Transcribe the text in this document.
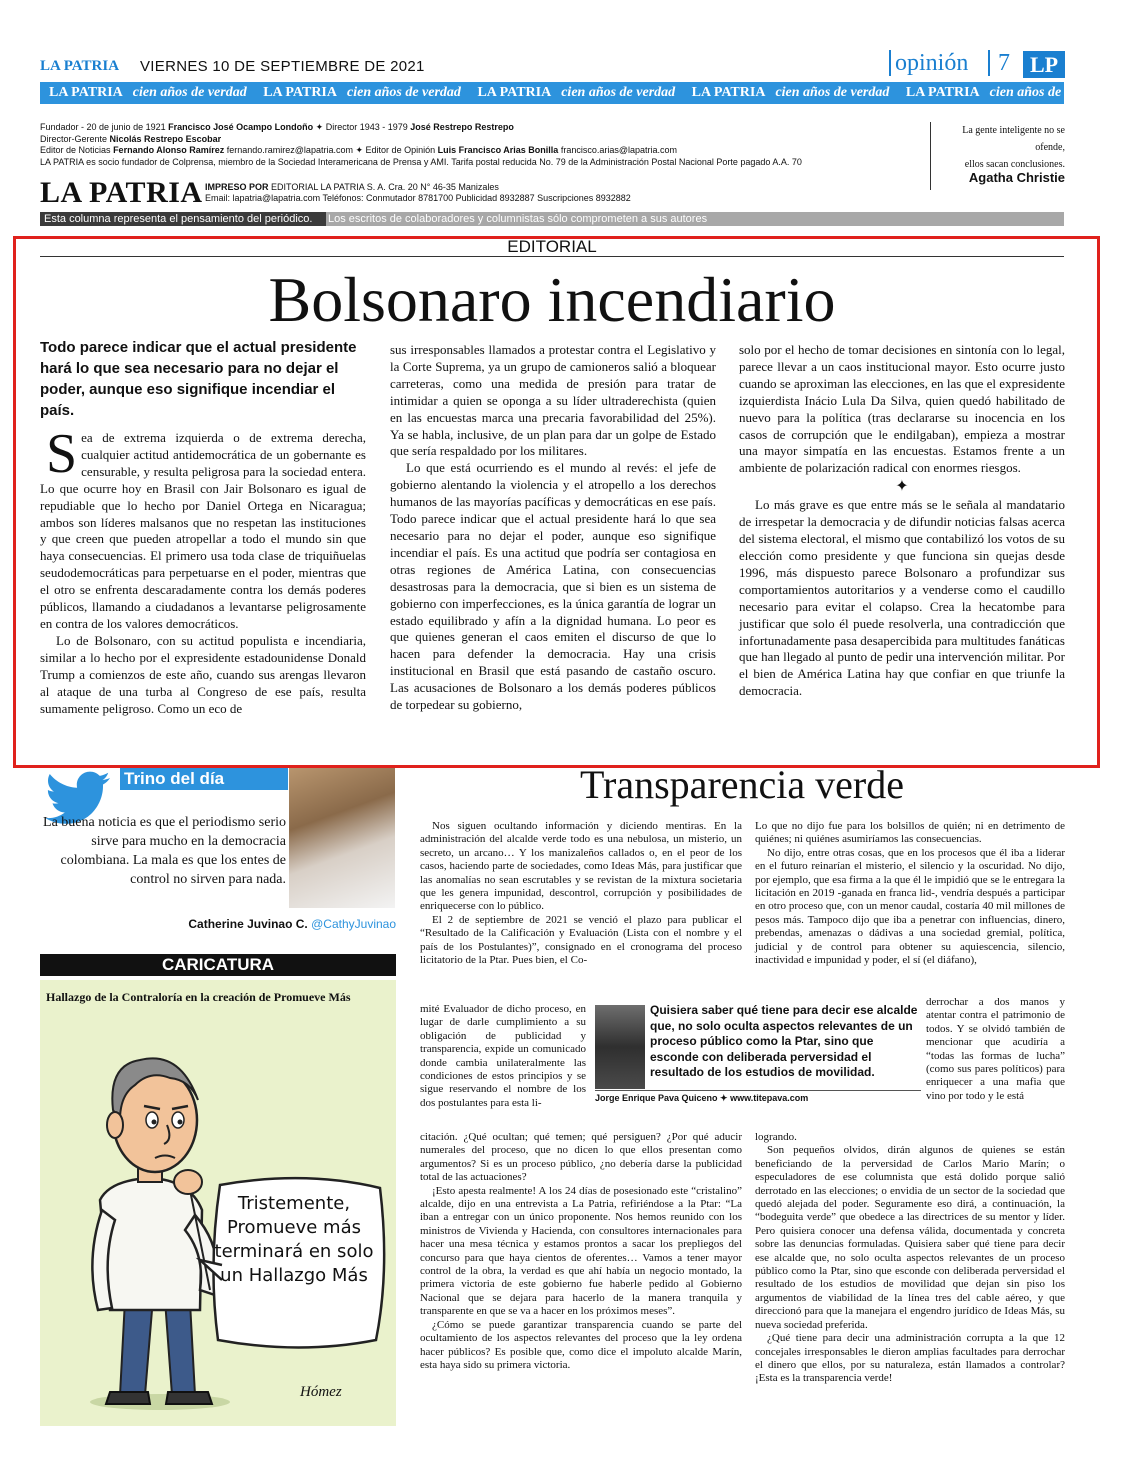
LA PATRIA VIERNES 10 DE SEPTIEMBRE DE 2021	opinión	7 LP
LA PATRIA cien años de verdad LA PATRIA cien años de verdad LA PATRIA cien años de verdad LA PATRIA cien años de verdad LA PATRIA cien años de verdad
Fundador - 20 de junio de 1921 Francisco José Ocampo Londoño ✦ Director 1943 - 1979 José Restrepo Restrepo
Director-Gerente Nicolás Restrepo Escobar
Editor de Noticias Fernando Alonso Ramírez fernando.ramirez@lapatria.com ✦ Editor de Opinión Luis Francisco Arias Bonilla francisco.arias@lapatria.com
LA PATRIA es socio fundador de Colprensa, miembro de la Sociedad Interamericana de Prensa y AMI. Tarifa postal reducida No. 79 de la Administración Postal Nacional Porte pagado A.A. 70
LA PATRIA IMPRESO POR EDITORIAL LA PATRIA S. A. Cra. 20 N° 46-35 Manizales
Email: lapatria@lapatria.com Teléfonos: Conmutador 8781700 Publicidad 8932887 Suscripciones 8932882
La gente inteligente no se ofende,
ellos sacan conclusiones.
Agatha Christie
Esta columna representa el pensamiento del periódico.	Los escritos de colaboradores y columnistas sólo comprometen a sus autores
EDITORIAL
Bolsonaro incendiario
Todo parece indicar que el actual presidente hará lo que sea necesario para no dejar el poder, aunque eso signifique incendiar el país.

Sea de extrema izquierda o de extrema derecha, cualquier actitud antidemocrática de un gobernante es censurable, y resulta peligrosa para la sociedad entera. Lo que ocurre hoy en Brasil con Jair Bolsonaro es igual de repudiable que lo hecho por Daniel Ortega en Nicaragua; ambos son líderes malsanos que no respetan las instituciones y que creen que pueden atropellar a todo el mundo sin que haya consecuencias. El primero usa toda clase de triquiñuelas seudodemocráticas para perpetuarse en el poder, mientras que el otro se enfrenta descaradamente contra los demás poderes públicos, llamando a ciudadanos a levantarse peligrosamente en contra de los valores democráticos.

Lo de Bolsonaro, con su actitud populista e incendiaria, similar a lo hecho por el expresidente estadounidense Donald Trump a comienzos de este año, cuando sus arengas llevaron al ataque de una turba al Congreso de ese país, resulta sumamente peligroso. Como un eco de

sus irresponsables llamados a protestar contra el Legislativo y la Corte Suprema, ya un grupo de camioneros salió a bloquear carreteras, como una medida de presión para tratar de intimidar a quien se oponga a su líder ultraderechista (quien en las encuestas marca una precaria favorabilidad del 25%). Ya se habla, inclusive, de un plan para dar un golpe de Estado que sería respaldado por los militares.

Lo que está ocurriendo es el mundo al revés: el jefe de gobierno alentando la violencia y el atropello a los derechos humanos de las mayorías pacíficas y democráticas en ese país. Todo parece indicar que el actual presidente hará lo que sea necesario para no dejar el poder, aunque eso signifique incendiar el país. Es una actitud que podría ser contagiosa en otras regiones de América Latina, con consecuencias desastrosas para la democracia, que si bien es un sistema de gobierno con imperfecciones, es la única garantía de lograr un estado equilibrado y afín a la dignidad humana. Lo peor es que quienes generan el caos emiten el discurso de que lo hacen para defender la democracia. Hay una crisis institucional en Brasil que está pasando de castaño oscuro. Las acusaciones de Bolsonaro a los demás poderes públicos de torpedear su gobierno,

solo por el hecho de tomar decisiones en sintonía con lo legal, parece llevar a un caos institucional mayor. Esto ocurre justo cuando se aproximan las elecciones, en las que el expresidente izquierdista Inácio Lula Da Silva, quien quedó habilitado de nuevo para la política (tras declararse su inocencia en los casos de corrupción que le endilgaban), empieza a mostrar una mayor simpatía en las encuestas. Estamos frente a un ambiente de polarización radical con enormes riesgos.

✦

Lo más grave es que entre más se le señala al mandatario de irrespetar la democracia y de difundir noticias falsas acerca del sistema electoral, el mismo que contabilizó los votos de su elección como presidente y que funciona sin quejas desde 1996, más dispuesto parece Bolsonaro a profundizar sus comportamientos autoritarios y a venderse como el caudillo necesario para evitar el colapso. Crea la hecatombe para justificar que solo él puede resolverla, una contradicción que infortunadamente pasa desapercibida para multitudes fanáticas que han llegado al punto de pedir una intervención militar. Por el bien de América Latina hay que confiar en que triunfe la democracia.

Trino del día
La buena noticia es que el periodismo serio sirve para mucho en la democracia colombiana. La mala es que los entes de control no sirven para nada.
Catherine Juvinao C. @CathyJuvinao
CARICATURA
Hallazgo de la Contraloría en la creación de Promueve Más
Tristemente, Promueve más terminará en solo un Hallazgo Más
Hómez
Transparencia verde

Nos siguen ocultando información y diciendo mentiras. En la administración del alcalde verde todo es una nebulosa, un misterio, un secreto, un arcano… Y los manizaleños callados o, en el peor de los casos, haciendo parte de sociedades, como Ideas Más, para justificar que las anomalías no sean escrutables y se revistan de la mixtura societaria que les genera impunidad, descontrol, corrupción y posibilidades de enriquecerse con lo público.

El 2 de septiembre de 2021 se venció el plazo para publicar el “Resultado de la Calificación y Evaluación (Lista con el nombre y el país de los Postulantes)”, consignado en el cronograma del proceso licitatorio de la Ptar. Pues bien, el Co-

mité Evaluador de dicho proceso, en lugar de darle cumplimiento a su obligación de publicidad y transparencia, expide un comunicado donde cambia unilateralmente las condiciones de estos principios y se sigue reservando el nombre de los dos postulantes para esta li-

citación. ¿Qué ocultan; qué temen; qué persiguen? ¿Por qué aducir numerales del proceso, que no dicen lo que ellos presentan como argumentos? Si es un proceso público, ¿no debería darse la publicidad total de las actuaciones?

¡Esto apesta realmente! A los 24 días de posesionado este “cristalino” alcalde, dijo en una entrevista a La Patria, refiriéndose a la Ptar: “La iban a entregar con un único proponente. Nos hemos reunido con los ministros de Vivienda y Hacienda, con consultores internacionales para hacer una mesa técnica y estamos prontos a sacar los prepliegos del concurso para que haya cientos de oferentes… Vamos a tener mayor control de la obra, la verdad es que ahí había un negocio montado, la primera victoria de este gobierno fue haberle pedido al Gobierno Nacional que se dejara para hacerlo de la manera tranquila y transparente en que se va a hacer en los próximos meses”.

¿Cómo se puede garantizar transparencia cuando se parte del ocultamiento de los aspectos relevantes del proceso que la ley ordena hacer públicos? Es posible que, como dice el impoluto alcalde Marín, esta haya sido su primera victoria.

Lo que no dijo fue para los bolsillos de quién; ni en detrimento de quiénes; ni quiénes asumiríamos las consecuencias.

No dijo, entre otras cosas, que en los procesos que él iba a liderar en el futuro reinarían el misterio, el silencio y la oscuridad. No dijo, por ejemplo, que esa firma a la que él le impidió que se le entregara la licitación en 2019 -ganada en franca lid-, vendría después a participar en otro proceso que, con un menor caudal, costaría 40 mil millones de pesos más. Tampoco dijo que iba a penetrar con influencias, dinero, prebendas, amenazas o dádivas a una sociedad gremial, política, judicial y de control para obtener su aquiescencia, silencio, inactividad e impunidad y poder, el sí (el diáfano),

derrochar a dos manos y atentar contra el patrimonio de todos. Y se olvidó también de mencionar que acudiría a “todas las formas de lucha” (como sus pares políticos) para enriquecer a una mafia que vino por todo y le está

logrando.

Son pequeños olvidos, dirán algunos de quienes se están beneficiando de la perversidad de Carlos Mario Marín; o especuladores de ese columnista que está dolido porque salió derrotado en las elecciones; o envidia de un sector de la sociedad que quedó alejada del poder. Seguramente eso dirá, a continuación, la “bodeguita verde” que obedece a las directrices de su mentor y líder. Pero quisiera conocer una defensa válida, documentada y concreta sobre las denuncias formuladas. Quisiera saber qué tiene para decir ese alcalde que, no solo oculta aspectos relevantes de un proceso público como la Ptar, sino que esconde con deliberada perversidad el resultado de los estudios de movilidad que dejan sin piso los argumentos de viabilidad de la línea tres del cable aéreo, y que direccionó para que la manejara el engendro jurídico de Ideas Más, su nueva sociedad preferida.

¿Qué tiene para decir una administración corrupta a la que 12 concejales irresponsables le dieron amplias facultades para derrochar el dinero que ellos, por su naturaleza, están llamados a controlar? ¡Esta es la transparencia verde!

Quisiera saber qué tiene para decir ese alcalde que, no solo oculta aspectos relevantes de un proceso público como la Ptar, sino que esconde con deliberada perversidad el resultado de los estudios de movilidad.
Jorge Enrique Pava Quiceno ✦ www.titepava.com
